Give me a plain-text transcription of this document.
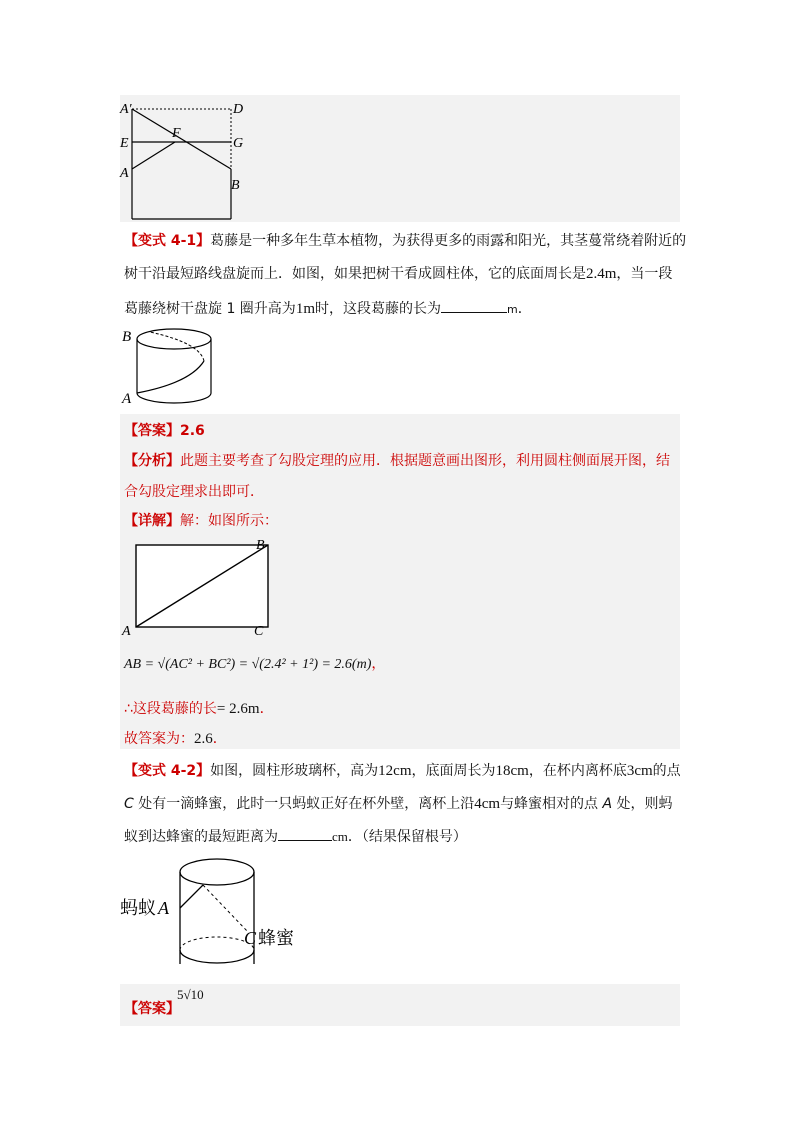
A′	D
E
F
G
A
B
【变式 4-1】葛藤是一种多年生草本植物，为获得更多的雨露和阳光，其茎蔓常绕着附近的
树干沿最短路线盘旋而上．如图，如果把树干看成圆柱体，它的底面周长是2.4m，当一段
葛藤绕树干盘旋 1 圈升高为1m时，这段葛藤的长为	m．
B
A
【答案】2.6
【分析】此题主要考查了勾股定理的应用．根据题意画出图形，利用圆柱侧面展开图，结
合勾股定理求出即可．
【详解】解：如图所示：
B
A	C
AB = √(AC² + BC²) = √(2.4² + 1²) = 2.6(m)，
∴这段葛藤的长= 2.6m．
故答案为：2.6．
【变式 4-2】如图，圆柱形玻璃杯，高为12cm，底面周长为18cm，在杯内离杯底3cm的点
C 处有一滴蜂蜜，此时一只蚂蚁正好在杯外壁，离杯上沿4cm与蜂蜜相对的点 A 处，则蚂
蚁到达蜂蜜的最短距离为	cm．（结果保留根号）
蚂蚁 A
C 蜂蜜
【答案】
5√10
